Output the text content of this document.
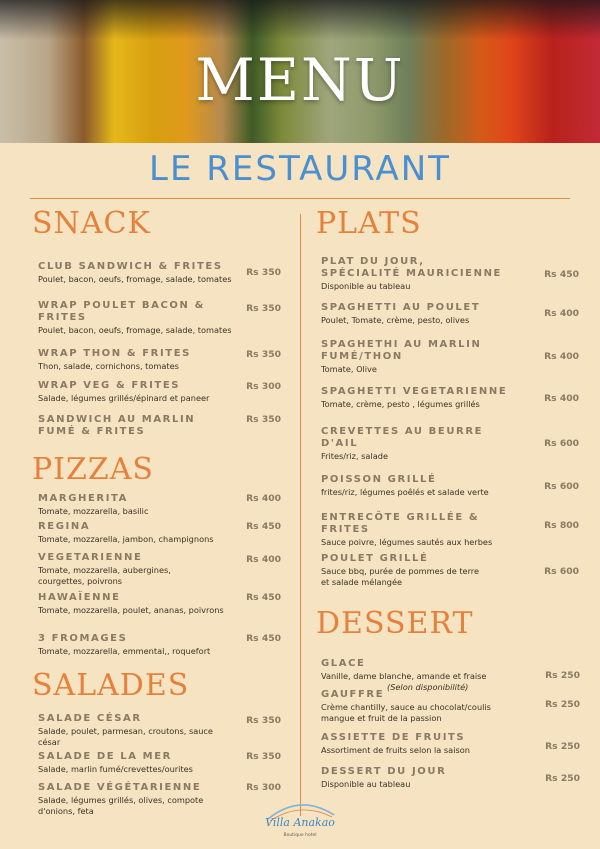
MENU
LE RESTAURANT
SNACK
CLUB SANDWICH & FRITES
Poulet, bacon, oeufs, fromage, salade, tomates
Rs 350
WRAP POULET BACON & FRITES
Poulet, bacon, oeufs, fromage, salade, tomates
Rs 350
WRAP THON & FRITES
Thon, salade, cornichons, tomates
Rs 350
WRAP VEG & FRITES
Salade, légumes grillés/épinard et paneer
Rs 300
SANDWICH AU MARLIN FUMÉ & FRITES
Rs 350
PIZZAS
MARGHERITA
Tomate, mozzarella, basilic
Rs 400
REGINA
Tomate, mozzarella, jambon, champignons
Rs 450
VEGETARIENNE
Tomate, mozzarella, aubergines, courgettes, poivrons
Rs 400
HAWAÏENNE
Tomate, mozzarella, poulet, ananas, poivrons
Rs 450
3 FROMAGES
Tomate, mozzarella, emmental,, roquefort
Rs 450
SALADES
SALADE CÉSAR
Salade, poulet, parmesan, croutons, sauce césar
Rs 350
SALADE DE LA MER
Salade, marlin fumé/crevettes/ourites
Rs 350
SALADE VÉGÉTARIENNE
Salade, légumes grillés, olives, compote d'onions, feta
Rs 300
PLATS
PLAT DU JOUR, SPÉCIALITÉ MAURICIENNE
Disponible au tableau
Rs 450
SPAGHETTI AU POULET
Poulet, Tomate, crème, pesto, olives
Rs 400
SPAGHETHI AU MARLIN FUMÉ/THON
Tomate, Olive
Rs 400
SPAGHETTI VEGETARIENNE
Tomate, crème, pesto , légumes grillés	Rs 400
CREVETTES AU BEURRE D'AIL
Frites/riz, salade
Rs 600
POISSON GRILLÉ
frites/riz, légumes poêlés et salade verte	Rs 600
ENTRECÔTE GRILLÉE & FRITES
Sauce poivre, légumes sautés aux herbes
Rs 800
POULET GRILLÉ
Sauce bbq, purée de pommes de terre et salade mélangée
Rs 600
DESSERT
GLACE
Vanille, dame blanche, amande et fraise
(Selon disponibilité)
Rs 250
GAUFFRE
Crème chantilly, sauce au chocolat/coulis mangue et fruit de la passion
Rs 250
ASSIETTE DE FRUITS
Assortiment de fruits selon la saison	Rs 250
DESSERT DU JOUR
Disponible au tableau	Rs 250
Villa Anakao
Boutique hotel
